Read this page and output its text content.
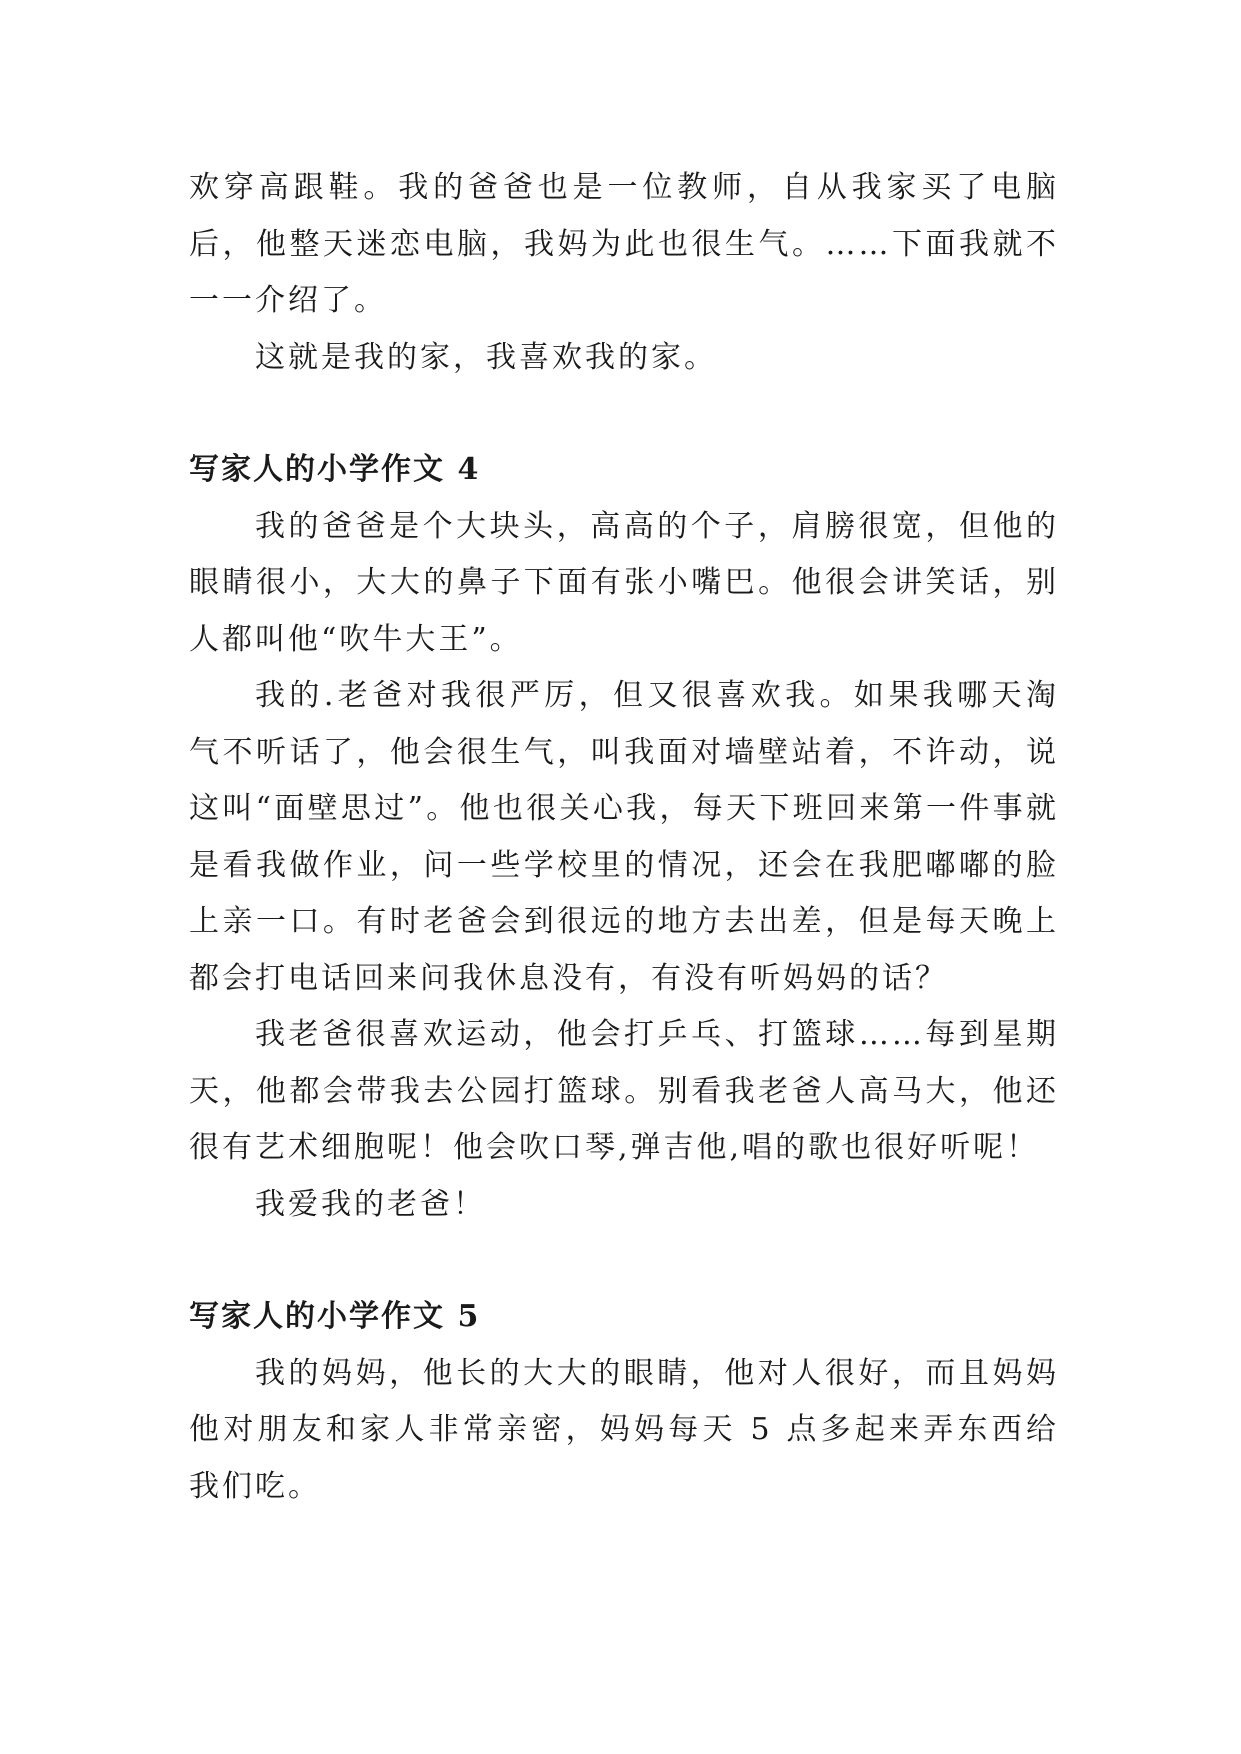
欢穿高跟鞋。我的爸爸也是一位教师，自从我家买了电脑后，他整天迷恋电脑，我妈为此也很生气。……下面我就不一一介绍了。

这就是我的家，我喜欢我的家。

写家人的小学作文 4

我的爸爸是个大块头，高高的个子，肩膀很宽，但他的眼睛很小，大大的鼻子下面有张小嘴巴。他很会讲笑话，别人都叫他“吹牛大王”。

我的.老爸对我很严厉，但又很喜欢我。如果我哪天淘气不听话了，他会很生气，叫我面对墙壁站着，不许动，说这叫“面壁思过”。他也很关心我，每天下班回来第一件事就是看我做作业，问一些学校里的情况，还会在我肥嘟嘟的脸上亲一口。有时老爸会到很远的地方去出差，但是每天晚上都会打电话回来问我休息没有，有没有听妈妈的话？

我老爸很喜欢运动，他会打乒乓、打篮球……每到星期天，他都会带我去公园打篮球。别看我老爸人高马大，他还很有艺术细胞呢！他会吹口琴,弹吉他,唱的歌也很好听呢！

我爱我的老爸！

写家人的小学作文 5

我的妈妈，他长的大大的眼睛，他对人很好，而且妈妈他对朋友和家人非常亲密，妈妈每天 5 点多起来弄东西给我们吃。
